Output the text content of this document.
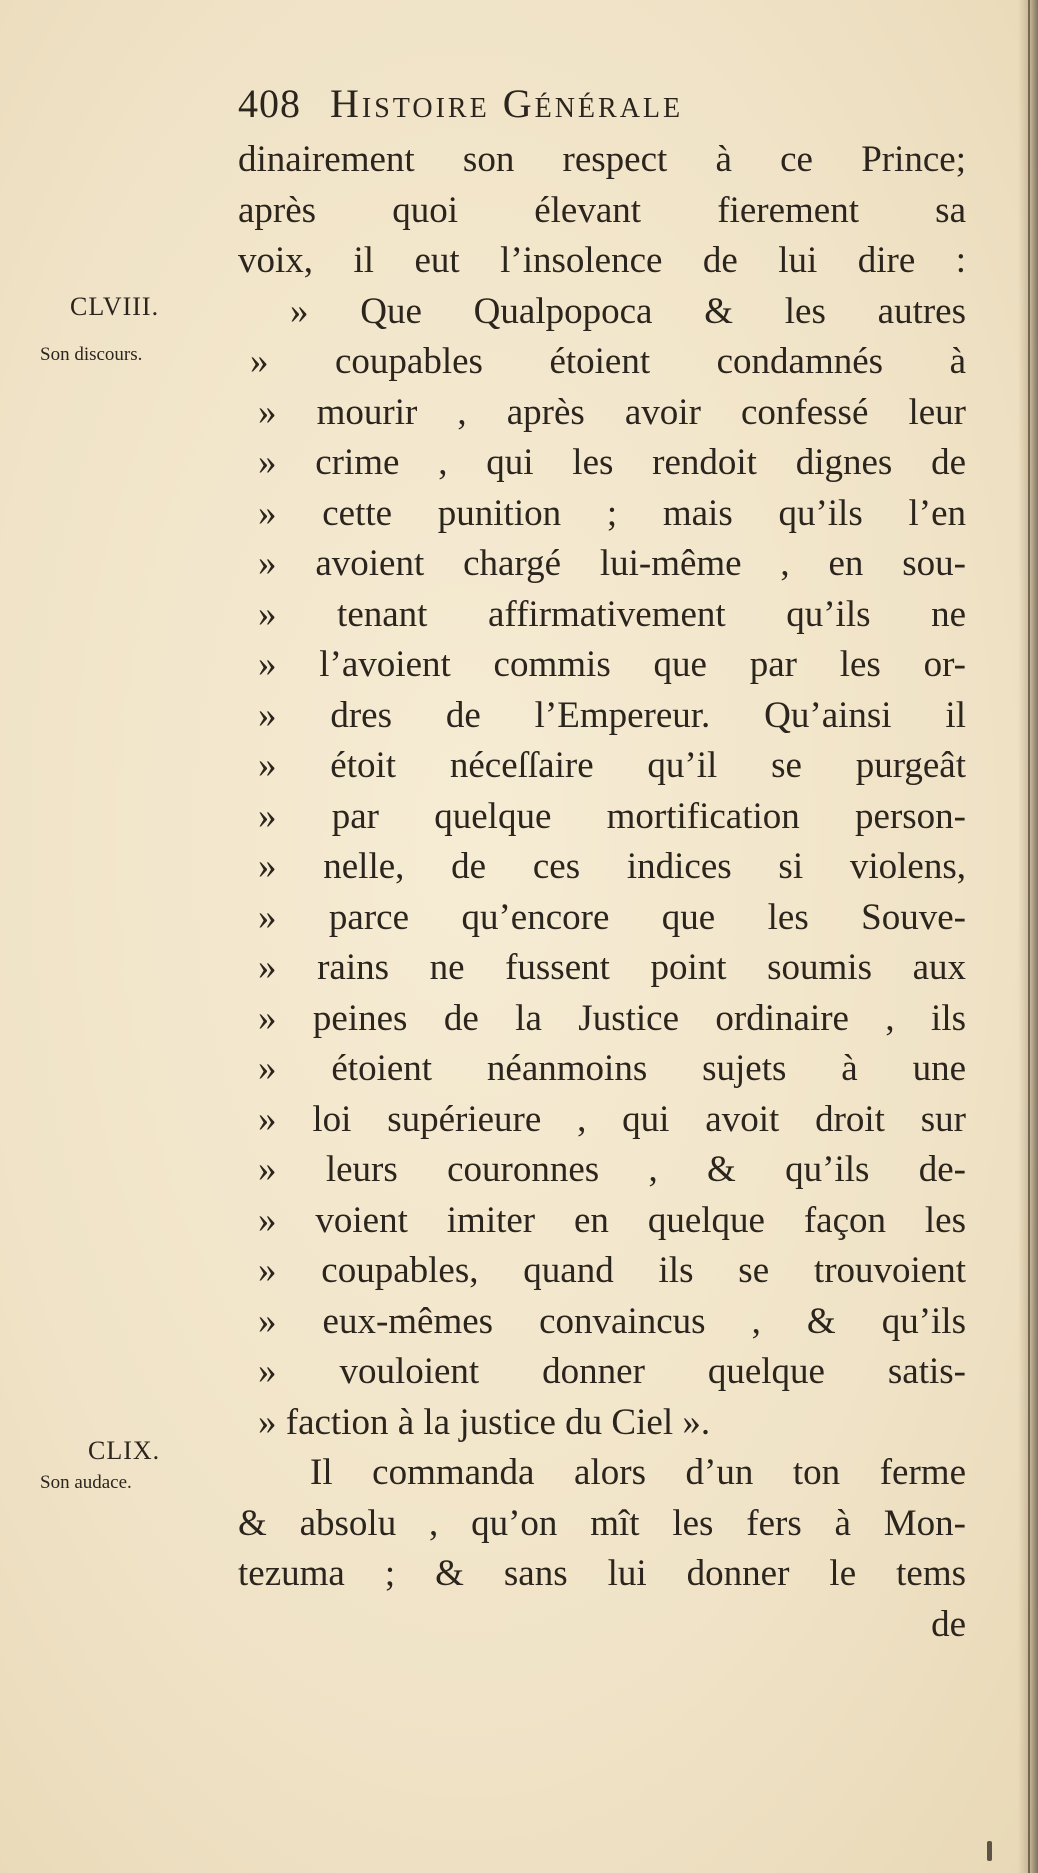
408 Histoire Générale
CLVIII.
Son discours.
CLIX.
Son audace.
dinairement son respect à ce Prince;
après quoi élevant fierement sa
voix, il eut l’insolence de lui dire :
» Que Qualpopoca & les autres
» coupables étoient condamnés à
» mourir , après avoir confessé leur
» crime , qui les rendoit dignes de
» cette punition ; mais qu’ils l’en
» avoient chargé lui-même , en sou-
» tenant affirmativement qu’ils ne
» l’avoient commis que par les or-
» dres de l’Empereur. Qu’ainsi il
» étoit néceſſaire qu’il se purgeât
» par quelque mortification person-
» nelle, de ces indices si violens,
» parce qu’encore que les Souve-
» rains ne fussent point soumis aux
» peines de la Justice ordinaire , ils
» étoient néanmoins sujets à une
» loi supérieure , qui avoit droit sur
» leurs couronnes , & qu’ils de-
» voient imiter en quelque façon les
» coupables, quand ils se trouvoient
» eux-mêmes convaincus , & qu’ils
» vouloient donner quelque satis-
» faction à la justice du Ciel ».
Il commanda alors d’un ton ferme
& absolu , qu’on mît les fers à Mon-
tezuma ; & sans lui donner le tems
de
